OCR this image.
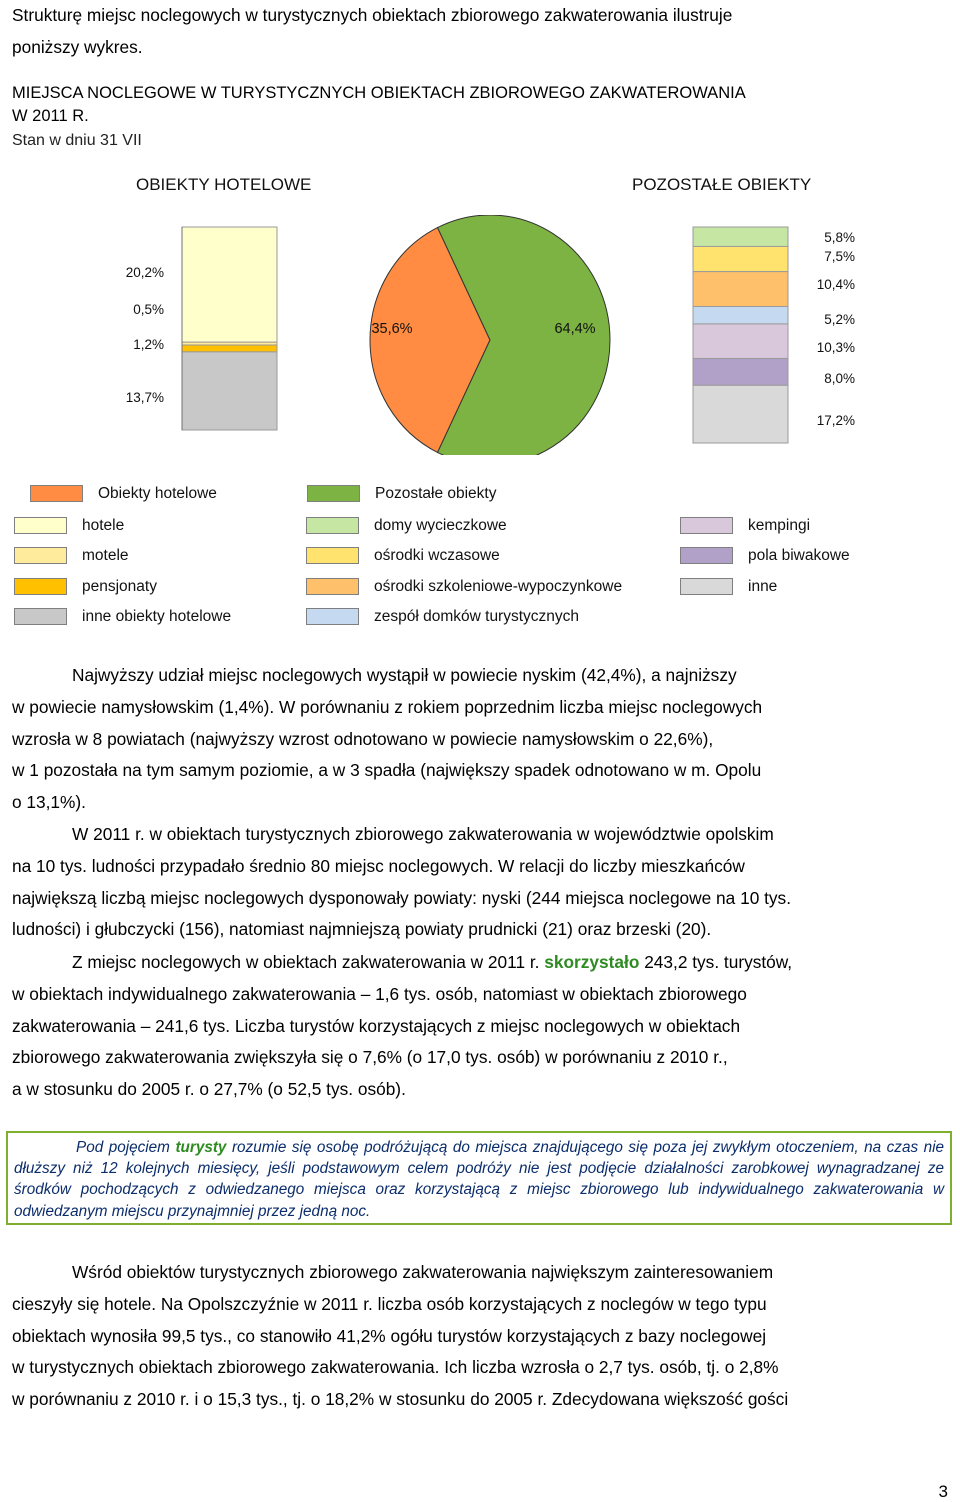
Strukturę miejsc noclegowych w turystycznych obiektach zbiorowego zakwaterowania ilustruje
poniższy wykres.

MIEJSCA NOCLEGOWE W TURYSTYCZNYCH OBIEKTACH ZBIOROWEGO ZAKWATEROWANIA
W 2011 R.
Stan w dniu 31 VII
OBIEKTY HOTELOWE	POZOSTAŁE OBIEKTY
35,6%	64,4%
20,2%
0,5%
1,2%
13,7%
5,8%
7,5%
10,4%
5,2%
10,3%
8,0%
17,2%
Obiekty hotelowe
hotele
motele
pensjonaty
inne obiekty hotelowe
Pozostałe obiekty
domy wycieczkowe
ośrodki wczasowe
ośrodki szkoleniowe-wypoczynkowe
zespół domków turystycznych
kempingi
pola biwakowe
inne

Najwyższy udział miejsc noclegowych wystąpił w powiecie nyskim (42,4%), a najniższy
w powiecie namysłowskim (1,4%). W porównaniu z rokiem poprzednim liczba miejsc noclegowych
wzrosła w 8 powiatach (najwyższy wzrost odnotowano w powiecie namysłowskim o 22,6%),
w 1 pozostała na tym samym poziomie, a w 3 spadła (największy spadek odnotowano w m. Opolu
o 13,1%).

W 2011 r. w obiektach turystycznych zbiorowego zakwaterowania w województwie opolskim
na 10 tys. ludności przypadało średnio 80 miejsc noclegowych. W relacji do liczby mieszkańców
największą liczbą miejsc noclegowych dysponowały powiaty: nyski (244 miejsca noclegowe na 10 tys.
ludności) i głubczycki (156), natomiast najmniejszą powiaty prudnicki (21) oraz brzeski (20).

Z miejsc noclegowych w obiektach zakwaterowania w 2011 r. skorzystało 243,2 tys. turystów,
w obiektach indywidualnego zakwaterowania – 1,6 tys. osób, natomiast w obiektach zbiorowego
zakwaterowania – 241,6 tys. Liczba turystów korzystających z miejsc noclegowych w obiektach
zbiorowego zakwaterowania zwiększyła się o 7,6% (o 17,0 tys. osób) w porównaniu z 2010 r.,
a w stosunku do 2005 r. o 27,7% (o 52,5 tys. osób).

Pod pojęciem turysty rozumie się osobę podróżującą do miejsca znajdującego się poza jej zwykłym otoczeniem, na czas nie dłuższy niż 12 kolejnych miesięcy, jeśli podstawowym celem podróży nie jest podjęcie działalności zarobkowej wynagradzanej ze środków pochodzących z odwiedzanego miejsca oraz korzystającą z miejsc zbiorowego lub indywidualnego zakwaterowania w odwiedzanym miejscu przynajmniej przez jedną noc.

Wśród obiektów turystycznych zbiorowego zakwaterowania największym zainteresowaniem
cieszyły się hotele. Na Opolszczyźnie w 2011 r. liczba osób korzystających z noclegów w tego typu
obiektach wynosiła 99,5 tys., co stanowiło 41,2% ogółu turystów korzystających z bazy noclegowej
w turystycznych obiektach zbiorowego zakwaterowania. Ich liczba wzrosła o 2,7 tys. osób, tj. o 2,8%
w porównaniu z 2010 r. i o 15,3 tys., tj. o 18,2% w stosunku do 2005 r. Zdecydowana większość gości

3
